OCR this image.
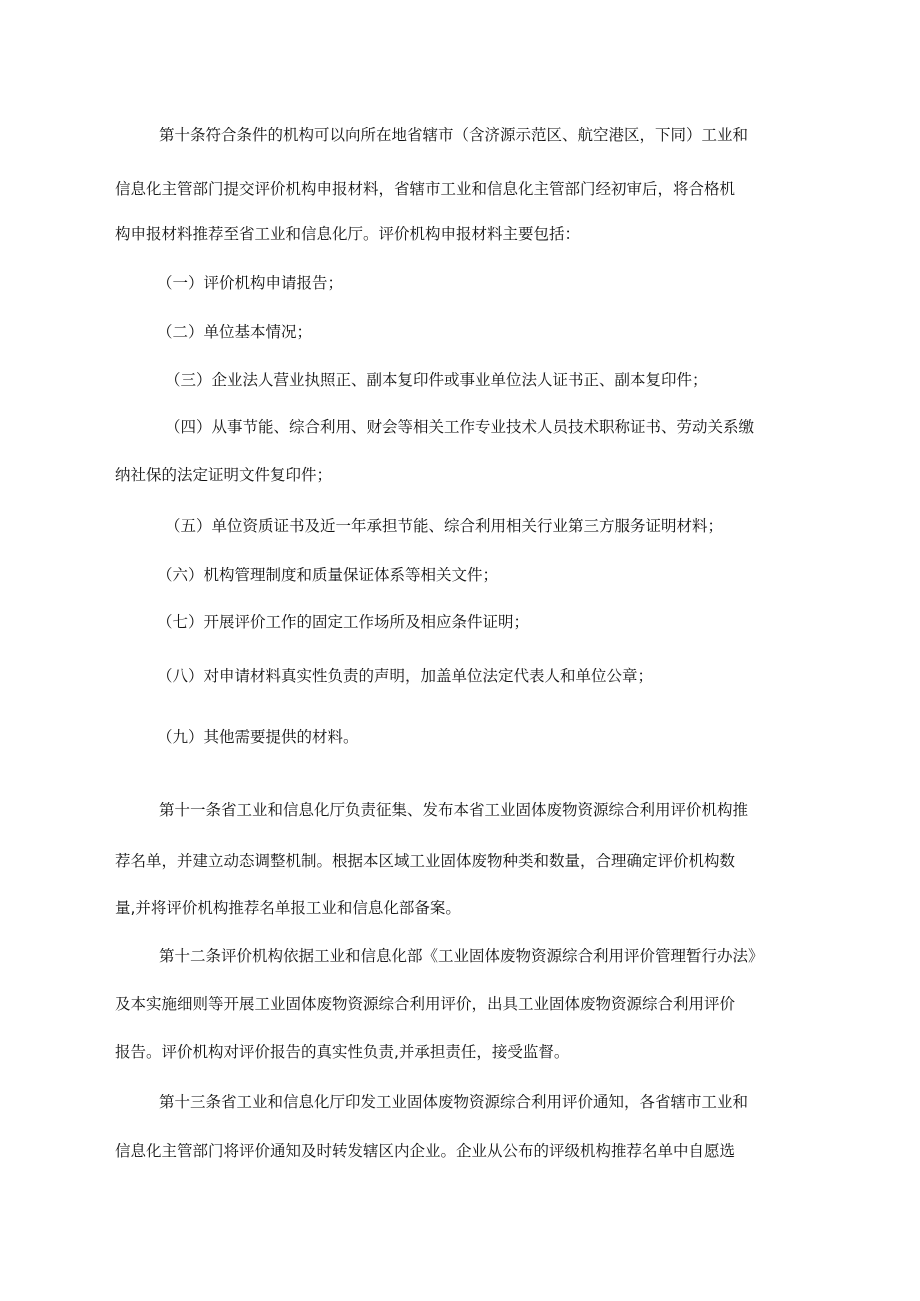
第十条符合条件的机构可以向所在地省辖市（含济源示范区、航空港区，下同）工业和
信息化主管部门提交评价机构申报材料，省辖市工业和信息化主管部门经初审后，将合格机
构申报材料推荐至省工业和信息化厅。评价机构申报材料主要包括：
（一）评价机构申请报告；
（二）单位基本情况；
（三）企业法人营业执照正、副本复印件或事业单位法人证书正、副本复印件；
（四）从事节能、综合利用、财会等相关工作专业技术人员技术职称证书、劳动关系缴
纳社保的法定证明文件复印件；
（五）单位资质证书及近一年承担节能、综合利用相关行业第三方服务证明材料；
（六）机构管理制度和质量保证体系等相关文件；
（七）开展评价工作的固定工作场所及相应条件证明；
（八）对申请材料真实性负责的声明，加盖单位法定代表人和单位公章；
（九）其他需要提供的材料。
第十一条省工业和信息化厅负责征集、发布本省工业固体废物资源综合利用评价机构推
荐名单，并建立动态调整机制。根据本区域工业固体废物种类和数量，合理确定评价机构数
量,并将评价机构推荐名单报工业和信息化部备案。
第十二条评价机构依据工业和信息化部《工业固体废物资源综合利用评价管理暂行办法》
及本实施细则等开展工业固体废物资源综合利用评价，出具工业固体废物资源综合利用评价
报告。评价机构对评价报告的真实性负责,并承担责任，接受监督。
第十三条省工业和信息化厅印发工业固体废物资源综合利用评价通知，各省辖市工业和
信息化主管部门将评价通知及时转发辖区内企业。企业从公布的评级机构推荐名单中自愿选
